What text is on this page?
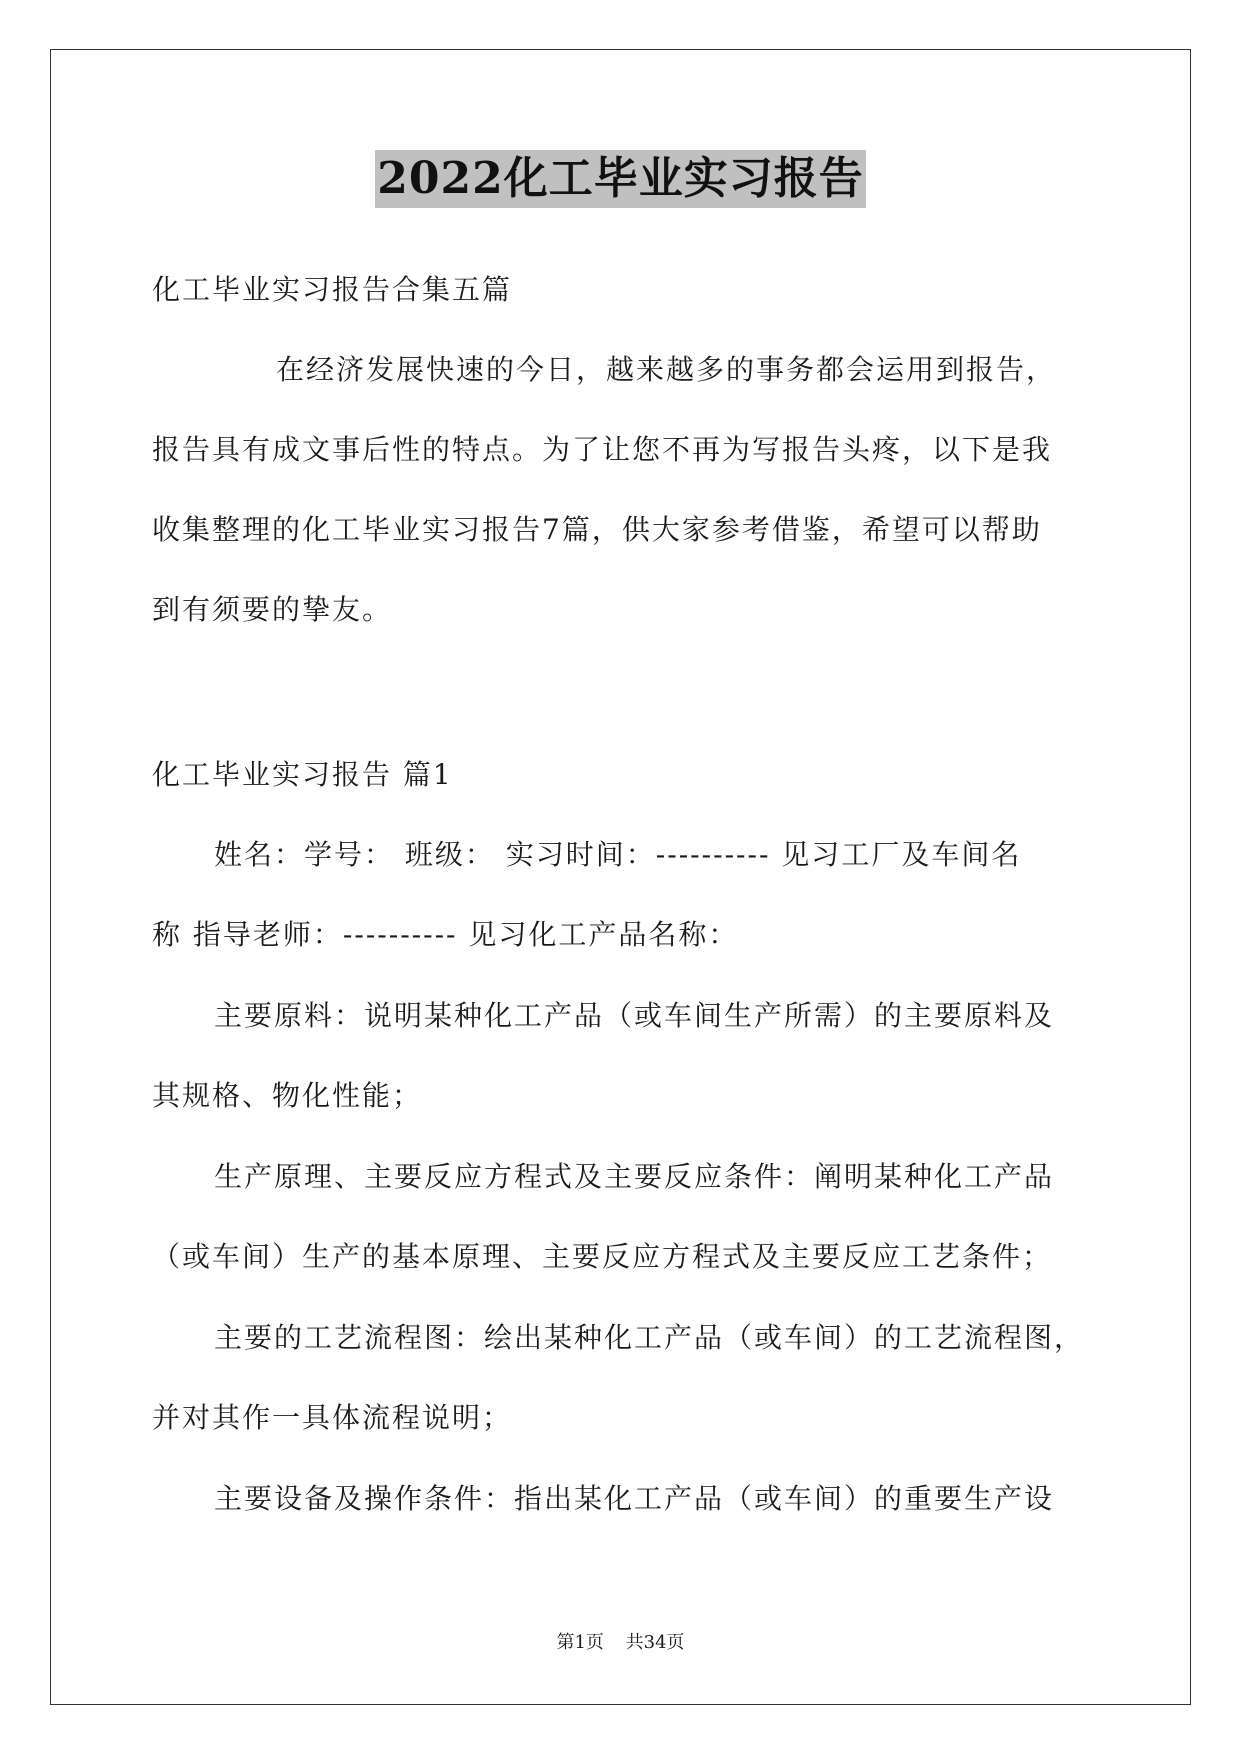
2022化工毕业实习报告
化工毕业实习报告合集五篇
在经济发展快速的今日，越来越多的事务都会运用到报告，
报告具有成文事后性的特点。为了让您不再为写报告头疼，以下是我
收集整理的化工毕业实习报告7篇，供大家参考借鉴，希望可以帮助
到有须要的挚友。
化工毕业实习报告 篇1
姓名：学号： 班级： 实习时间：---------- 见习工厂及车间名
称 指导老师：---------- 见习化工产品名称：
主要原料：说明某种化工产品（或车间生产所需）的主要原料及
其规格、物化性能；
生产原理、主要反应方程式及主要反应条件：阐明某种化工产品
（或车间）生产的基本原理、主要反应方程式及主要反应工艺条件；
主要的工艺流程图：绘出某种化工产品（或车间）的工艺流程图，
并对其作一具体流程说明；
主要设备及操作条件：指出某化工产品（或车间）的重要生产设
第1页 共34页
